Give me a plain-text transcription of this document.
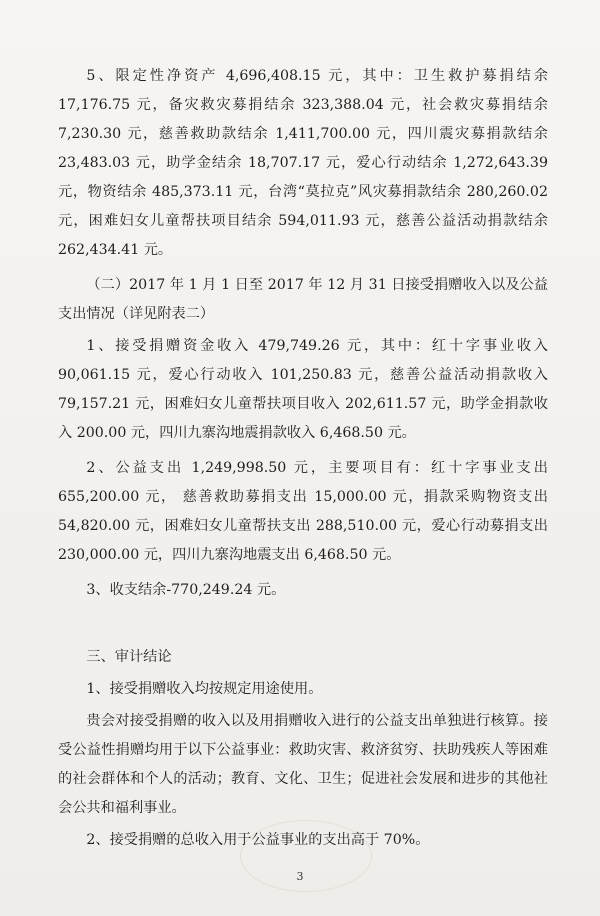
5、限定性净资产 4,696,408.15 元，其中：卫生救护募捐结余 17,176.75 元，备灾救灾募捐结余 323,388.04 元，社会救灾募捐结余 7,230.30 元，慈善救助款结余 1,411,700.00 元，四川震灾募捐款结余 23,483.03 元，助学金结余 18,707.17 元，爱心行动结余 1,272,643.39 元，物资结余 485,373.11 元，台湾“莫拉克”风灾募捐款结余 280,260.02 元，困难妇女儿童帮扶项目结余 594,011.93 元，慈善公益活动捐款结余 262,434.41 元。

（二）2017 年 1 月 1 日至 2017 年 12 月 31 日接受捐赠收入以及公益支出情况（详见附表二）

1、接受捐赠资金收入 479,749.26 元，其中：红十字事业收入 90,061.15 元，爱心行动收入 101,250.83 元，慈善公益活动捐款收入 79,157.21 元，困难妇女儿童帮扶项目收入 202,611.57 元，助学金捐款收入 200.00 元，四川九寨沟地震捐款收入 6,468.50 元。

2、公益支出 1,249,998.50 元，主要项目有：红十字事业支出 655,200.00 元， 慈善救助募捐支出 15,000.00 元，捐款采购物资支出 54,820.00 元，困难妇女儿童帮扶支出 288,510.00 元，爱心行动募捐支出 230,000.00 元，四川九寨沟地震支出 6,468.50 元。

3、收支结余-770,249.24 元。

三、审计结论

1、接受捐赠收入均按规定用途使用。

贵会对接受捐赠的收入以及用捐赠收入进行的公益支出单独进行核算。接受公益性捐赠均用于以下公益事业：救助灾害、救济贫穷、扶助残疾人等困难的社会群体和个人的活动；教育、文化、卫生；促进社会发展和进步的其他社会公共和福利事业。

2、接受捐赠的总收入用于公益事业的支出高于 70%。

3
